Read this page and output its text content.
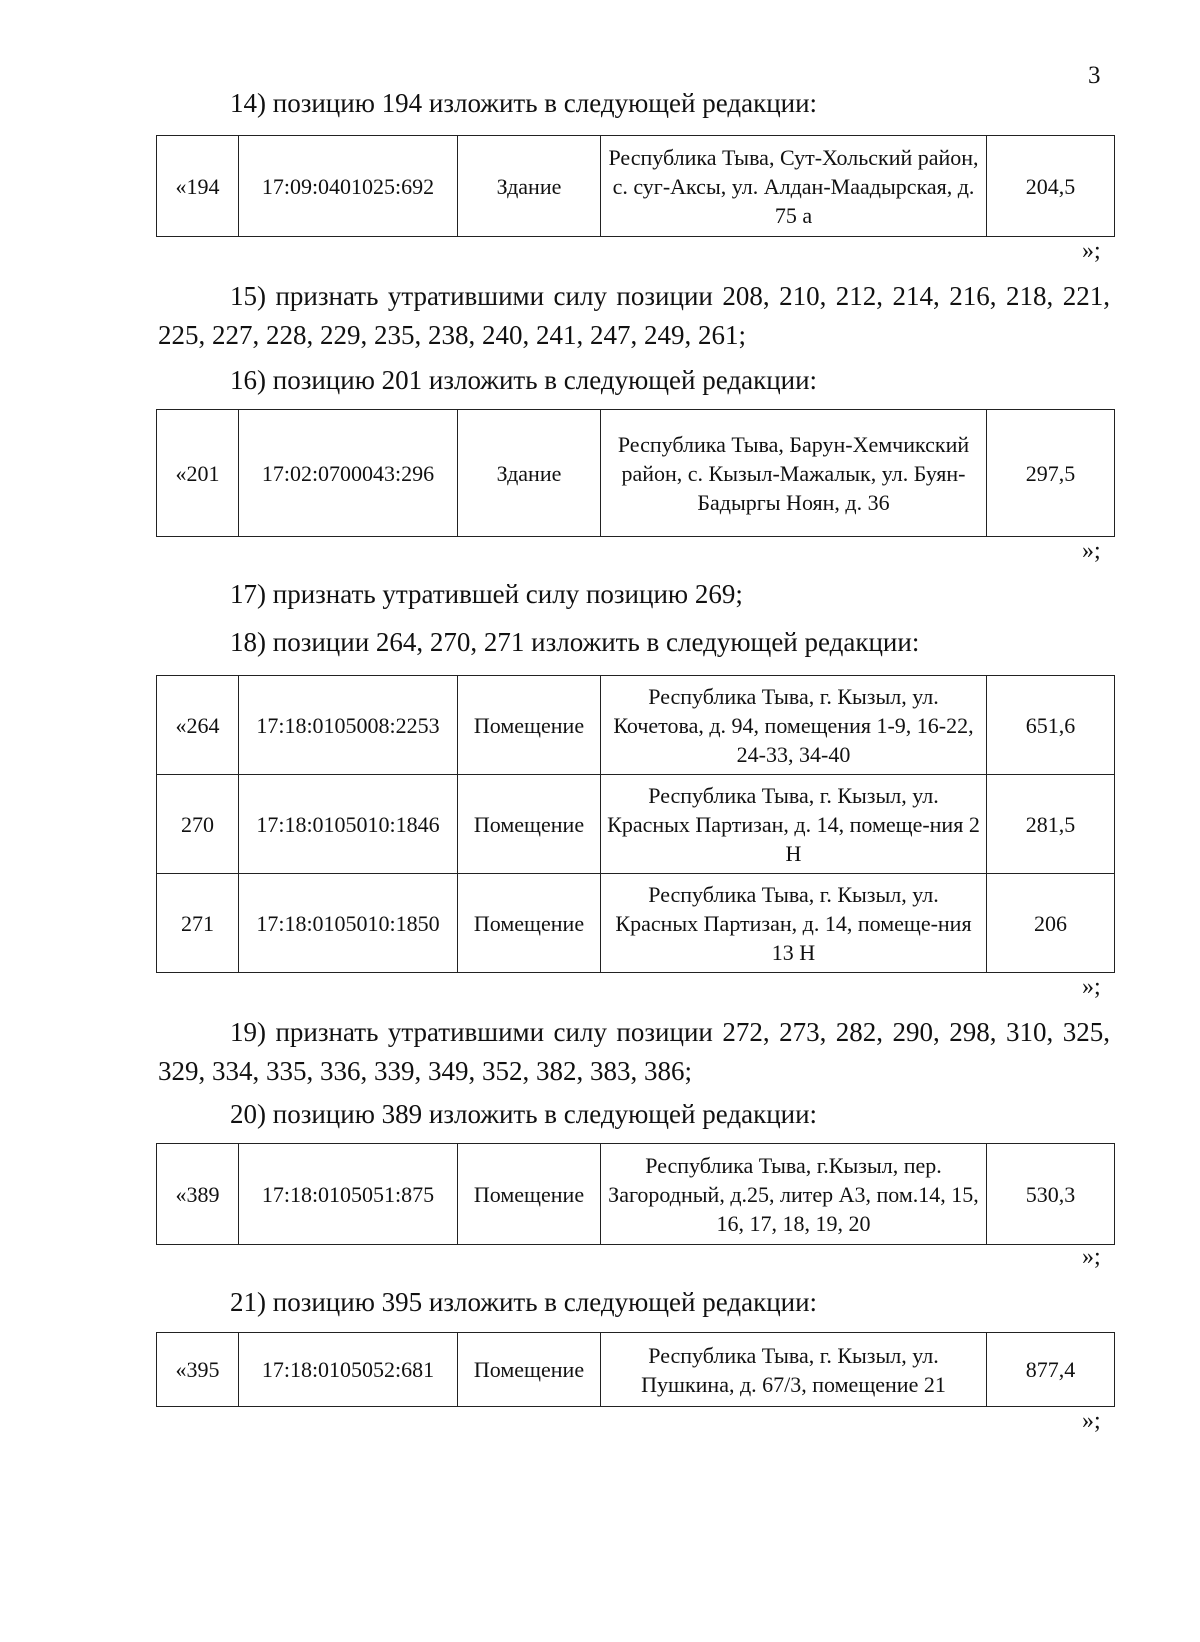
3

14) позицию 194 изложить в следующей редакции:

«194	17:09:0401025:692	Здание	Республика Тыва, Сут-Хольский район, с. суг-Аксы, ул. Алдан-Маадырская, д. 75 а	204,5
»;

15) признать утратившими силу позиции 208, 210, 212, 214, 216, 218, 221, 225, 227, 228, 229, 235, 238, 240, 241, 247, 249, 261;

16) позицию 201 изложить в следующей редакции:

«201	17:02:0700043:296	Здание	Республика Тыва, Барун-Хемчикский район, с. Кызыл-Мажалык, ул. Буян-Бадыргы Ноян, д. 36	297,5
»;

17) признать утратившей силу позицию 269;

18) позиции 264, 270, 271 изложить в следующей редакции:

«264	17:18:0105008:2253	Помещение	Республика Тыва, г. Кызыл, ул. Кочетова, д. 94, помещения 1-9, 16-22, 24-33, 34-40	651,6
270	17:18:0105010:1846	Помещение	Республика Тыва, г. Кызыл, ул. Красных Партизан, д. 14, помеще-ния 2 Н	281,5
271	17:18:0105010:1850	Помещение	Республика Тыва, г. Кызыл, ул. Красных Партизан, д. 14, помеще-ния 13 Н	206
»;

19) признать утратившими силу позиции 272, 273, 282, 290, 298, 310, 325, 329, 334, 335, 336, 339, 349, 352, 382, 383, 386;

20) позицию 389 изложить в следующей редакции:

«389	17:18:0105051:875	Помещение	Республика Тыва, г.Кызыл, пер. Загородный, д.25, литер А3, пом.14, 15, 16, 17, 18, 19, 20	530,3
»;

21) позицию 395 изложить в следующей редакции:

«395	17:18:0105052:681	Помещение	Республика Тыва, г. Кызыл, ул. Пушкина, д. 67/3, помещение 21	877,4
»;
